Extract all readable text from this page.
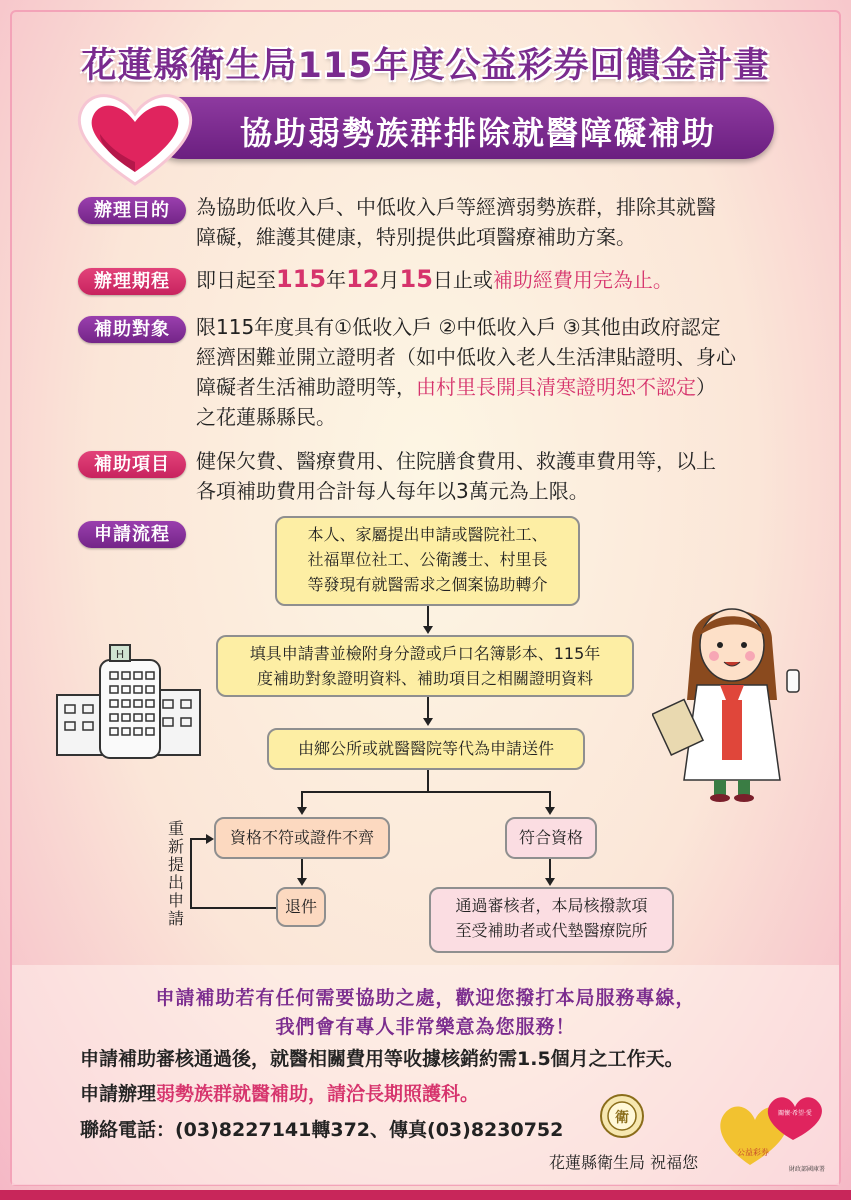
花蓮縣衛生局115年度公益彩券回饋金計畫
協助弱勢族群排除就醫障礙補助
辦理目的	為協助低收入戶、中低收入戶等經濟弱勢族群，排除其就醫
障礙，維護其健康，特別提供此項醫療補助方案。
辦理期程	即日起至115年12月15日止或補助經費用完為止。
補助對象	限115年度具有①低收入戶 ②中低收入戶 ③其他由政府認定
經濟困難並開立證明者（如中低收入老人生活津貼證明、身心
障礙者生活補助證明等，由村里長開具清寒證明恕不認定）
之花蓮縣縣民。
補助項目	健保欠費、醫療費用、住院膳食費用、救護車費用等，以上
各項補助費用合計每人每年以3萬元為上限。
申請流程	本人、家屬提出申請或醫院社工、
社福單位社工、公衛護士、村里長
等發現有就醫需求之個案協助轉介
填具申請書並檢附身分證或戶口名簿影本、115年
度補助對象證明資料、補助項目之相關證明資料
由鄉公所或就醫醫院等代為申請送件
資格不符或證件不齊	符合資格
退件	通過審核者，本局核撥款項
至受補助者或代墊醫療院所
重新提出申請
H
申請補助若有任何需要協助之處，歡迎您撥打本局服務專線，
我們會有專人非常樂意為您服務！
申請補助審核通過後，就醫相關費用等收據核銷約需1.5個月之工作天。
申請辦理弱勢族群就醫補助，請洽長期照護科。
聯絡電話：(03)8227141轉372、傳真(03)8230752
衛
公益彩券
關懷·希望·愛
財政部國庫署
花蓮縣衛生局 祝福您
